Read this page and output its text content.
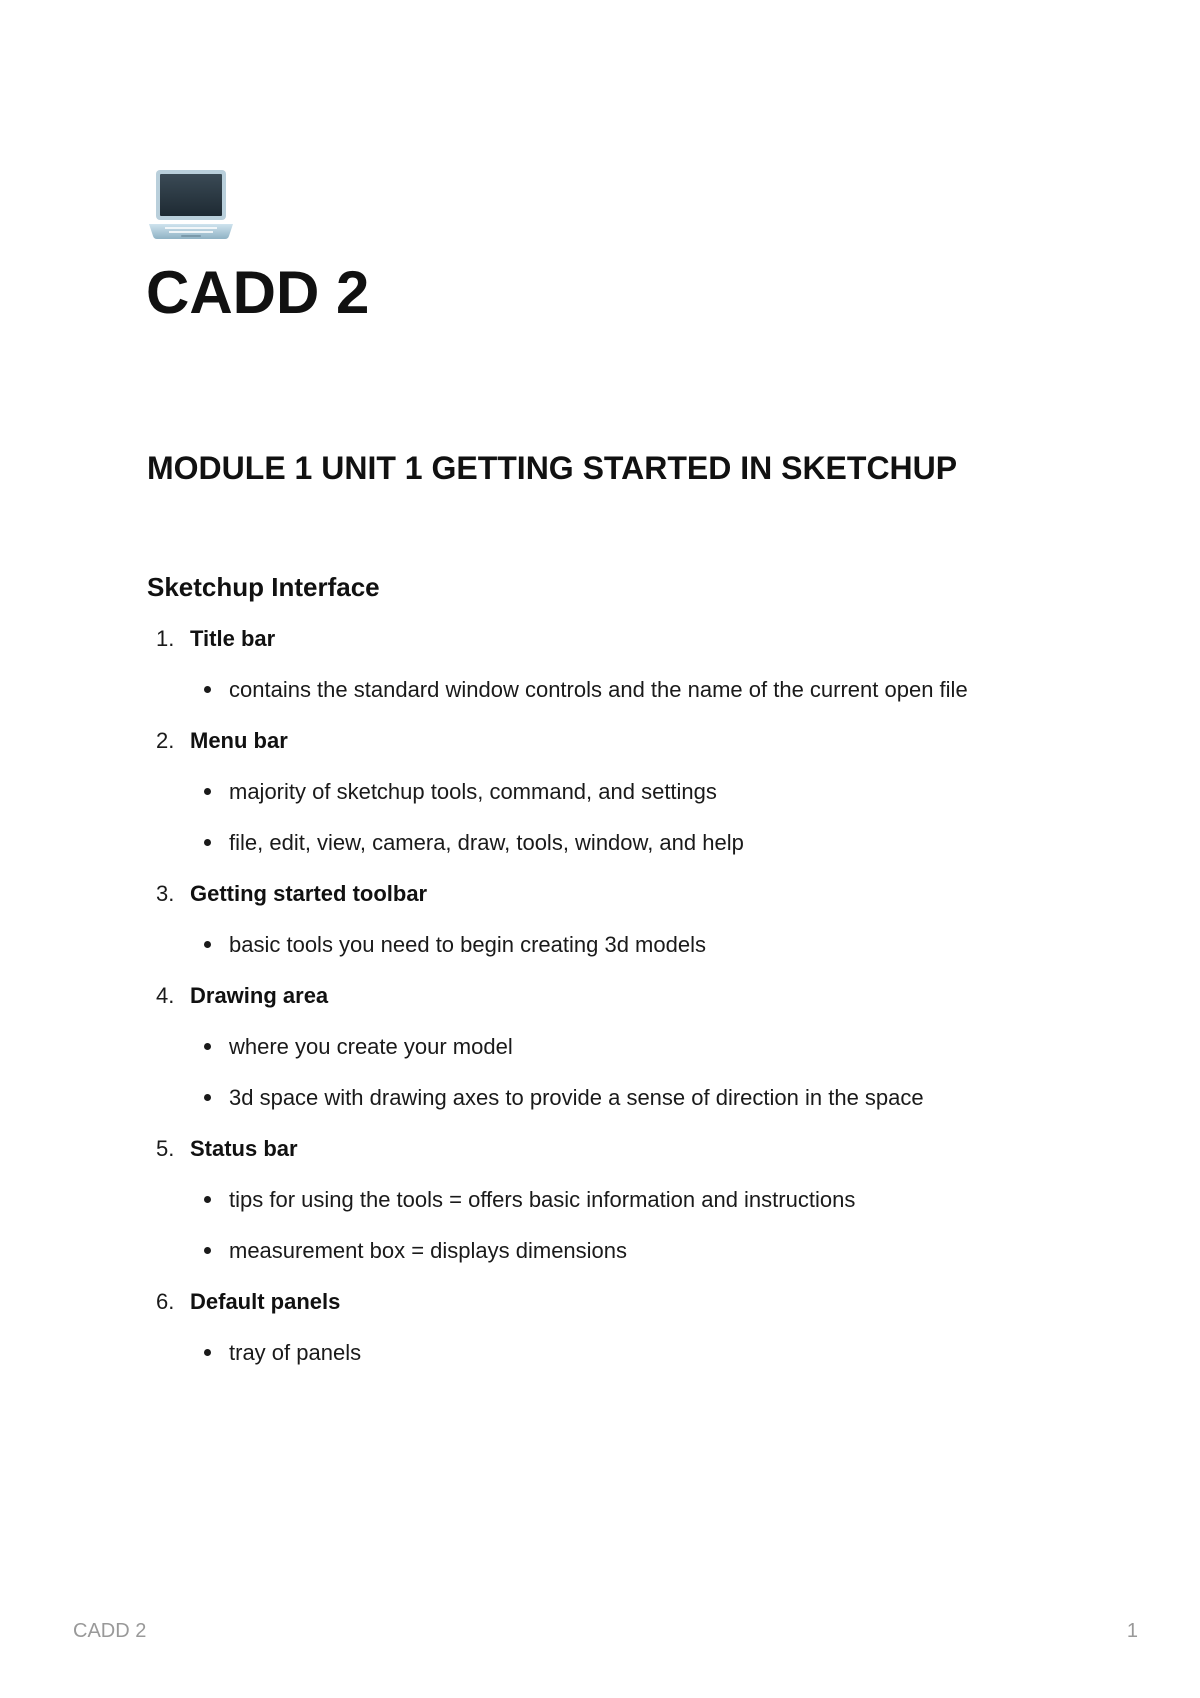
CADD 2
MODULE 1 UNIT 1 GETTING STARTED IN SKETCHUP
Sketchup Interface
1. Title bar
contains the standard window controls and the name of the current open file
2. Menu bar
majority of sketchup tools, command, and settings
file, edit, view, camera, draw, tools, window, and help
3. Getting started toolbar
basic tools you need to begin creating 3d models
4. Drawing area
where you create your model
3d space with drawing axes to provide a sense of direction in the space
5. Status bar
tips for using the tools = offers basic information and instructions
measurement box = displays dimensions
6. Default panels
tray of panels
CADD 2	1
